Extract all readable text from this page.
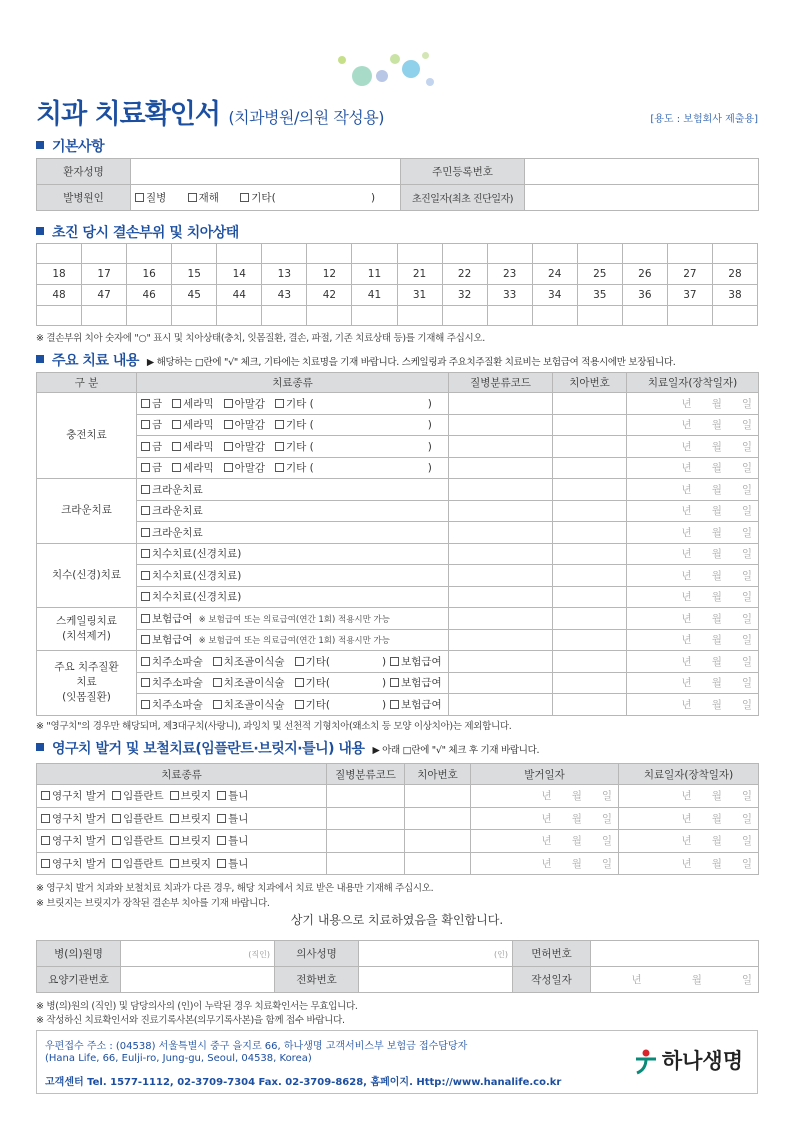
치과 치료확인서 (치과병원/의원 작성용)	[용도 : 보험회사 제출용]
기본사항
환자성명		주민등록번호	
발병원인	질병 재해 기타( )	초진일자(최초 진단일자)	
초진 당시 결손부위 및 치아상태

18	17	16	15	14	13	12	11	21	22	23	24	25	26	27	28
48	47	46	45	44	43	42	41	31	32	33	34	35	36	37	38

※ 결손부위 치아 숫자에 "○" 표시 및 치아상태(충치, 잇몸질환, 결손, 파절, 기존 치료상태 등)를 기재해 주십시오.
주요 치료 내용 ▶ 해당하는 □란에 "√" 체크, 기타에는 치료명을 기재 바랍니다. 스케일링과 주요치주질환 치료비는 보험급여 적용시에만 보장됩니다.
구 분	치료종류	질병분류코드	치아번호	치료일자(장착일자)
충전치료	금 세라믹 아말감 기타 ( )			년 월 일
	금 세라믹 아말감 기타 ( )			년 월 일
	금 세라믹 아말감 기타 ( )			년 월 일
	금 세라믹 아말감 기타 ( )			년 월 일
크라운치료	크라운치료			년 월 일
	크라운치료			년 월 일
	크라운치료			년 월 일
치수(신경)치료	치수치료(신경치료)			년 월 일
	치수치료(신경치료)			년 월 일
	치수치료(신경치료)			년 월 일
스케일링치료
(치석제거)	보험급여 ※ 보험급여 또는 의료급여(연간 1회) 적용시만 가능			년 월 일
	보험급여 ※ 보험급여 또는 의료급여(연간 1회) 적용시만 가능			년 월 일
주요 치주질환
치료
(잇몸질환)	치주소파술 치조골이식술 기타( ) 보험급여			년 월 일
	치주소파술 치조골이식술 기타( ) 보험급여			년 월 일
	치주소파술 치조골이식술 기타( ) 보험급여			년 월 일
※ "영구치"의 경우만 해당되며, 제3대구치(사랑니), 과잉치 및 선천적 기형치아(왜소치 등 모양 이상치아)는 제외합니다.
영구치 발거 및 보철치료(임플란트·브릿지·틀니) 내용 ▶ 아래 □란에 "√" 체크 후 기재 바랍니다.
치료종류	질병분류코드	치아번호	발거일자	치료일자(장착일자)
영구치 발거 임플란트 브릿지 틀니			년 월 일	년 월 일
영구치 발거 임플란트 브릿지 틀니			년 월 일	년 월 일
영구치 발거 임플란트 브릿지 틀니			년 월 일	년 월 일
영구치 발거 임플란트 브릿지 틀니			년 월 일	년 월 일
※ 영구치 발거 치과와 보철치료 치과가 다른 경우, 해당 치과에서 치료 받은 내용만 기재해 주십시오.
※ 브릿지는 브릿지가 장착된 결손부 치아를 기재 바랍니다.
상기 내용으로 치료하였음을 확인합니다.
병(의)원명	(직인)	의사성명	(인)	면허번호	
요양기관번호		전화번호		작성일자	년 월 일
※ 병(의)원의 (직인) 및 담당의사의 (인)이 누락된 경우 치료확인서는 무효입니다.
※ 작성하신 치료확인서와 진료기록사본(의무기록사본)을 함께 접수 바랍니다.
우편접수 주소 : (04538) 서울특별시 중구 을지로 66, 하나생명 고객서비스부 보험금 접수담당자
(Hana Life, 66, Eulji-ro, Jung-gu, Seoul, 04538, Korea)
고객센터 Tel. 1577-1112, 02-3709-7304 Fax. 02-3709-8628, 홈페이지. Http://www.hanalife.co.kr
하나생명
